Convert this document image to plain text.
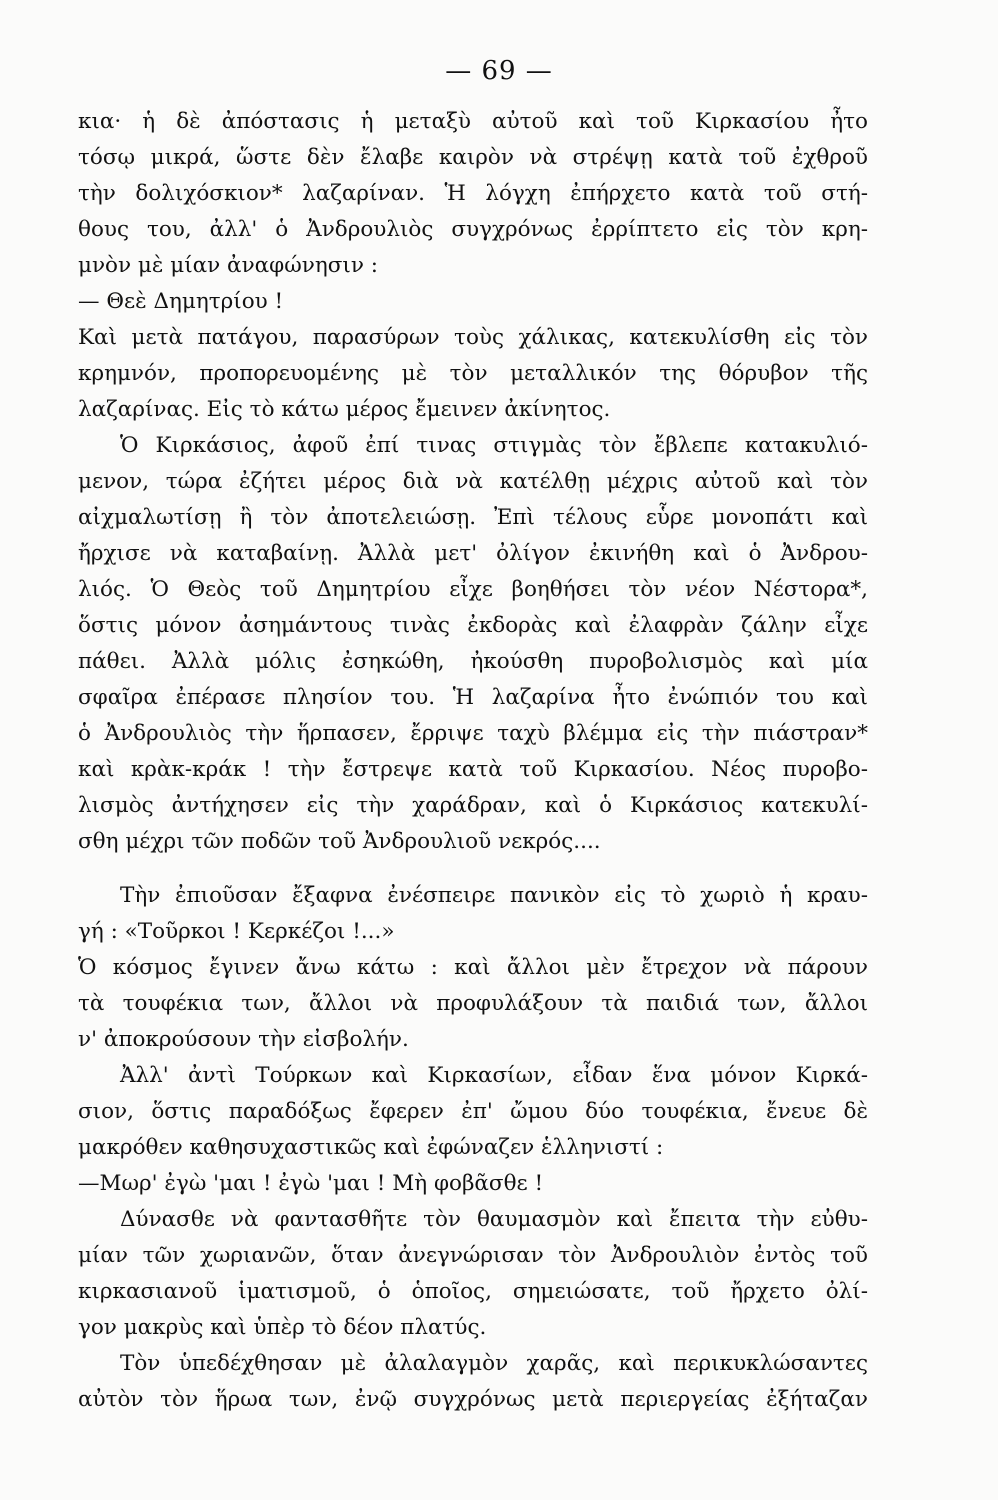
— 69 —
κια· ἡ δὲ ἀπόστασις ἡ μεταξὺ αὐτοῦ καὶ τοῦ Κιρκασίου ἦτο
τόσῳ μικρά, ὥστε δὲν ἔλαβε καιρὸν νὰ στρέψῃ κατὰ τοῦ ἐχθροῦ
τὴν δολιχόσκιον* λαζαρίναν. Ἡ λόγχη ἐπήρχετο κατὰ τοῦ στή-
θους του, ἀλλ' ὁ Ἀνδρουλιὸς συγχρόνως ἐρρίπτετο εἰς τὸν κρη-
μνὸν μὲ μίαν ἀναφώνησιν :
— Θεὲ Δημητρίου !
Καὶ μετὰ πατάγου, παρασύρων τοὺς χάλικας, κατεκυλίσθη εἰς τὸν
κρημνόν, προπορευομένης μὲ τὸν μεταλλικόν της θόρυβον τῆς
λαζαρίνας. Εἰς τὸ κάτω μέρος ἔμεινεν ἀκίνητος.
Ὁ Κιρκάσιος, ἀφοῦ ἐπί τινας στιγμὰς τὸν ἔβλεπε κατακυλιό-
μενον, τώρα ἐζήτει μέρος διὰ νὰ κατέλθῃ μέχρις αὐτοῦ καὶ τὸν
αἰχμαλωτίσῃ ἢ τὸν ἀποτελειώσῃ. Ἐπὶ τέλους εὗρε μονοπάτι καὶ
ἤρχισε νὰ καταβαίνῃ. Ἀλλὰ μετ' ὀλίγον ἐκινήθη καὶ ὁ Ἀνδρου-
λιός. Ὁ Θεὸς τοῦ Δημητρίου εἶχε βοηθήσει τὸν νέον Νέστορα*,
ὅστις μόνον ἀσημάντους τινὰς ἐκδορὰς καὶ ἐλαφρὰν ζάλην εἶχε
πάθει. Ἀλλὰ μόλις ἐσηκώθη, ἠκούσθη πυροβολισμὸς καὶ μία
σφαῖρα ἐπέρασε πλησίον του. Ἡ λαζαρίνα ἦτο ἐνώπιόν του καὶ
ὁ Ἀνδρουλιὸς τὴν ἥρπασεν, ἔρριψε ταχὺ βλέμμα εἰς τὴν πιάστραν*
καὶ κρὰκ-κράκ ! τὴν ἔστρεψε κατὰ τοῦ Κιρκασίου. Νέος πυροβο-
λισμὸς ἀντήχησεν εἰς τὴν χαράδραν, καὶ ὁ Κιρκάσιος κατεκυλί-
σθη μέχρι τῶν ποδῶν τοῦ Ἀνδρουλιοῦ νεκρός....
Τὴν ἐπιοῦσαν ἔξαφνα ἐνέσπειρε πανικὸν εἰς τὸ χωριὸ ἡ κραυ-
γή : «Τοῦρκοι ! Κερκέζοι !...»
Ὁ κόσμος ἔγινεν ἄνω κάτω : καὶ ἄλλοι μὲν ἔτρεχον νὰ πάρουν
τὰ τουφέκια των, ἄλλοι νὰ προφυλάξουν τὰ παιδιά των, ἄλλοι
ν' ἀποκρούσουν τὴν εἰσβολήν.
Ἀλλ' ἀντὶ Τούρκων καὶ Κιρκασίων, εἶδαν ἕνα μόνον Κιρκά-
σιον, ὅστις παραδόξως ἔφερεν ἐπ' ὤμου δύο τουφέκια, ἔνευε δὲ
μακρόθεν καθησυχαστικῶς καὶ ἐφώναζεν ἑλληνιστί :
—Μωρ' ἐγὼ 'μαι ! ἐγὼ 'μαι ! Μὴ φοβᾶσθε !
Δύνασθε νὰ φαντασθῆτε τὸν θαυμασμὸν καὶ ἔπειτα τὴν εὐθυ-
μίαν τῶν χωριανῶν, ὅταν ἀνεγνώρισαν τὸν Ἀνδρουλιὸν ἐντὸς τοῦ
κιρκασιανοῦ ἱματισμοῦ, ὁ ὁποῖος, σημειώσατε, τοῦ ἤρχετο ὀλί-
γον μακρὺς καὶ ὑπὲρ τὸ δέον πλατύς.
Τὸν ὑπεδέχθησαν μὲ ἀλαλαγμὸν χαρᾶς, καὶ περικυκλώσαντες
αὐτὸν τὸν ἥρωα των, ἐνῷ συγχρόνως μετὰ περιεργείας ἐξήταζαν
